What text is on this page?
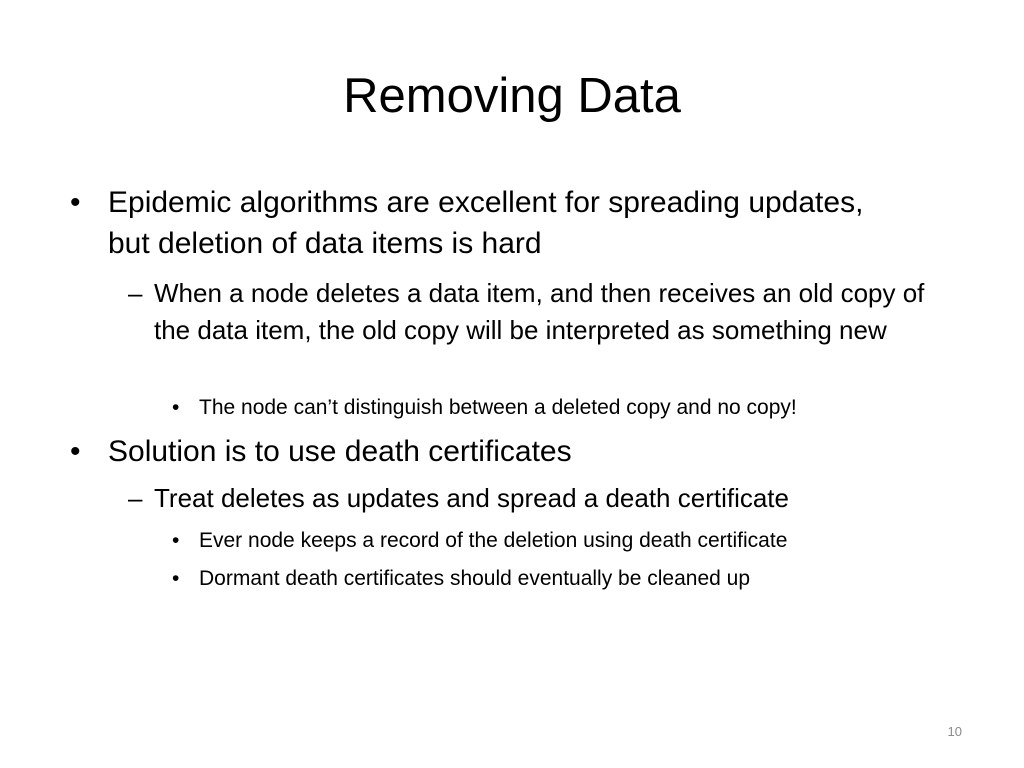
Removing Data
• Epidemic algorithms are excellent for spreading updates, but deletion of data items is hard
– When a node deletes a data item, and then receives an old copy of the data item, the old copy will be interpreted as something new
• The node can’t distinguish between a deleted copy and no copy!
• Solution is to use death certificates
– Treat deletes as updates and spread a death certificate
• Ever node keeps a record of the deletion using death certificate
• Dormant death certificates should eventually be cleaned up
10
